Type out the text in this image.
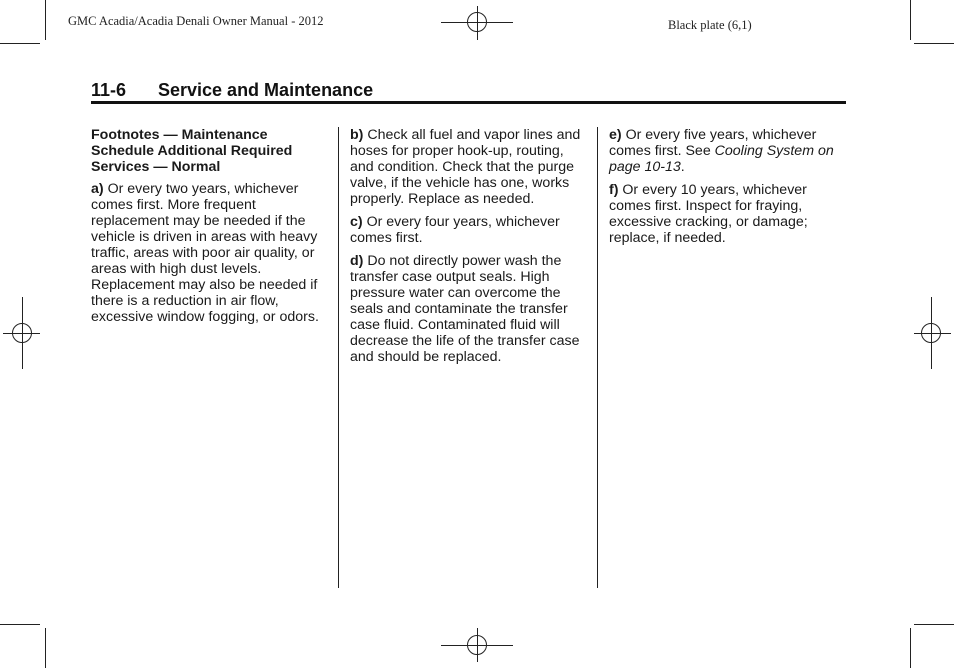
GMC Acadia/Acadia Denali Owner Manual - 2012	Black plate (6,1)
11-6 Service and Maintenance

Footnotes — Maintenance Schedule Additional Required Services — Normal

a) Or every two years, whichever comes first. More frequent replacement may be needed if the vehicle is driven in areas with heavy traffic, areas with poor air quality, or areas with high dust levels. Replacement may also be needed if there is a reduction in air flow, excessive window fogging, or odors.

b) Check all fuel and vapor lines and hoses for proper hook-up, routing, and condition. Check that the purge valve, if the vehicle has one, works properly. Replace as needed.

c) Or every four years, whichever comes first.

d) Do not directly power wash the transfer case output seals. High pressure water can overcome the seals and contaminate the transfer case fluid. Contaminated fluid will decrease the life of the transfer case and should be replaced.

e) Or every five years, whichever comes first. See Cooling System on page 10-13.

f) Or every 10 years, whichever comes first. Inspect for fraying, excessive cracking, or damage; replace, if needed.
